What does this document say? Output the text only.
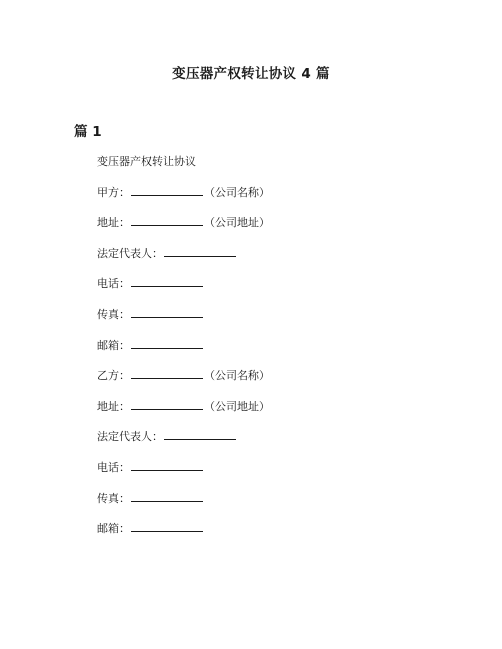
变压器产权转让协议 4 篇
篇 1
变压器产权转让协议
甲方：	（公司名称）
地址：	（公司地址）
法定代表人：
电话：
传真：
邮箱：
乙方：	（公司名称）
地址：	（公司地址）
法定代表人：
电话：
传真：
邮箱：
